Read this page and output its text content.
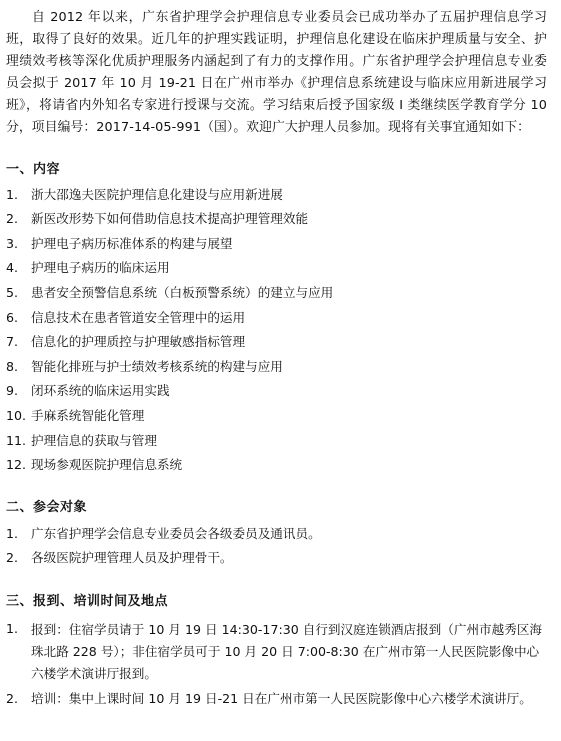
自 2012 年以来，广东省护理学会护理信息专业委员会已成功举办了五届护理信息学习班，取得了良好的效果。近几年的护理实践证明，护理信息化建设在临床护理质量与安全、护理绩效考核等深化优质护理服务内涵起到了有力的支撑作用。广东省护理学会护理信息专业委员会拟于 2017 年 10 月 19-21 日在广州市举办《护理信息系统建设与临床应用新进展学习班》，将请省内外知名专家进行授课与交流。学习结束后授予国家级 I 类继续医学教育学分 10 分，项目编号：2017-14-05-991（国）。欢迎广大护理人员参加。现将有关事宜通知如下：

一、内容
1.	浙大邵逸夫医院护理信息化建设与应用新进展
2.	新医改形势下如何借助信息技术提高护理管理效能
3.	护理电子病历标准体系的构建与展望
4.	护理电子病历的临床运用
5.	患者安全预警信息系统（白板预警系统）的建立与应用
6.	信息技术在患者管道安全管理中的运用
7.	信息化的护理质控与护理敏感指标管理
8.	智能化排班与护士绩效考核系统的构建与应用
9.	闭环系统的临床运用实践
10. 手麻系统智能化管理
11. 护理信息的获取与管理
12. 现场参观医院护理信息系统
二、参会对象
1.	广东省护理学会信息专业委员会各级委员及通讯员。
2.	各级医院护理管理人员及护理骨干。
三、报到、培训时间及地点
1.	报到：住宿学员请于 10 月 19 日 14:30-17:30 自行到汉庭连锁酒店报到（广州市越秀区海珠北路 228 号）；非住宿学员可于 10 月 20 日 7:00-8:30 在广州市第一人民医院影像中心六楼学术演讲厅报到。
2.	培训：集中上课时间 10 月 19 日-21 日在广州市第一人民医院影像中心六楼学术演讲厅。
